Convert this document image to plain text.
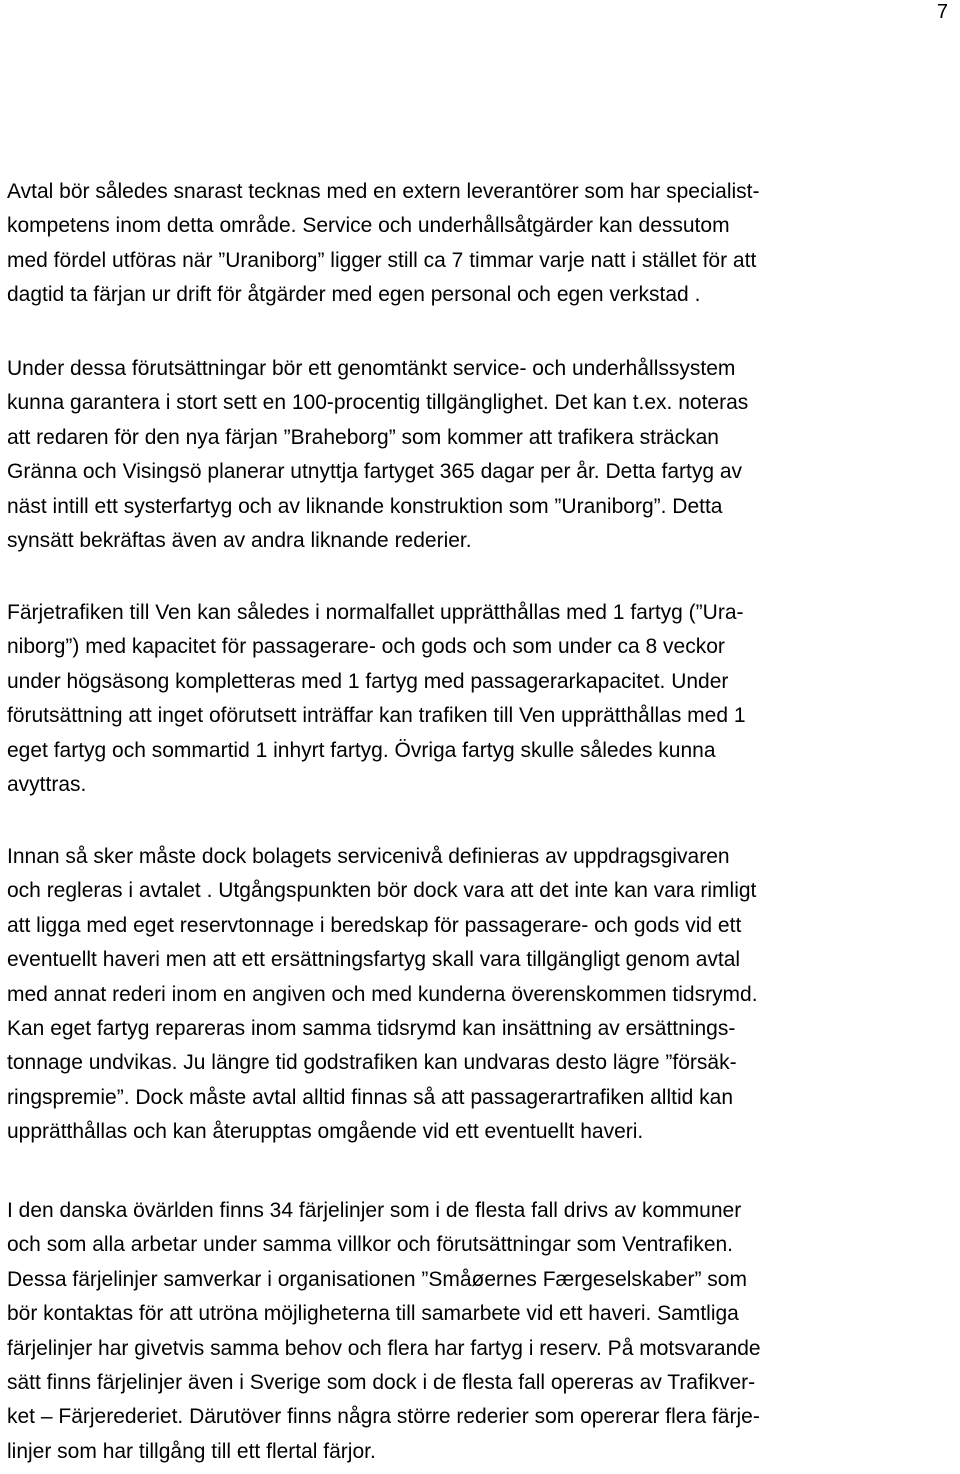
7

Avtal bör således snarast tecknas med en extern leverantörer som har specialist-
kompetens inom detta område. Service och underhållsåtgärder kan dessutom
med fördel utföras när ”Uraniborg” ligger still ca 7 timmar varje natt i stället för att
dagtid ta färjan ur drift för åtgärder med egen personal och egen verkstad .

Under dessa förutsättningar bör ett genomtänkt service- och underhållssystem
kunna garantera i stort sett en 100-procentig tillgänglighet. Det kan t.ex. noteras
att redaren för den nya färjan ”Braheborg” som kommer att trafikera sträckan
Gränna och Visingsö planerar utnyttja fartyget 365 dagar per år. Detta fartyg av
näst intill ett systerfartyg och av liknande konstruktion som ”Uraniborg”. Detta
synsätt bekräftas även av andra liknande rederier.

Färjetrafiken till Ven kan således i normalfallet upprätthållas med 1 fartyg (”Ura-
niborg”) med kapacitet för passagerare- och gods och som under ca 8 veckor
under högsäsong kompletteras med 1 fartyg med passagerarkapacitet. Under
förutsättning att inget oförutsett inträffar kan trafiken till Ven upprätthållas med 1
eget fartyg och sommartid 1 inhyrt fartyg. Övriga fartyg skulle således kunna
avyttras.

Innan så sker måste dock bolagets servicenivå definieras av uppdragsgivaren
och regleras i avtalet . Utgångspunkten bör dock vara att det inte kan vara rimligt
att ligga med eget reservtonnage i beredskap för passagerare- och gods vid ett
eventuellt haveri men att ett ersättningsfartyg skall vara tillgängligt genom avtal
med annat rederi inom en angiven och med kunderna överenskommen tidsrymd.
Kan eget fartyg repareras inom samma tidsrymd kan insättning av ersättnings-
tonnage undvikas. Ju längre tid godstrafiken kan undvaras desto lägre ”försäk-
ringspremie”. Dock måste avtal alltid finnas så att passagerartrafiken alltid kan
upprätthållas och kan återupptas omgående vid ett eventuellt haveri.

I den danska övärlden finns 34 färjelinjer som i de flesta fall drivs av kommuner
och som alla arbetar under samma villkor och förutsättningar som Ventrafiken.
Dessa färjelinjer samverkar i organisationen ”Småøernes Færgeselskaber” som
bör kontaktas för att utröna möjligheterna till samarbete vid ett haveri. Samtliga
färjelinjer har givetvis samma behov och flera har fartyg i reserv. På motsvarande
sätt finns färjelinjer även i Sverige som dock i de flesta fall opereras av Trafikver-
ket – Färjerederiet. Därutöver finns några större rederier som opererar flera färje-
linjer som har tillgång till ett flertal färjor.
